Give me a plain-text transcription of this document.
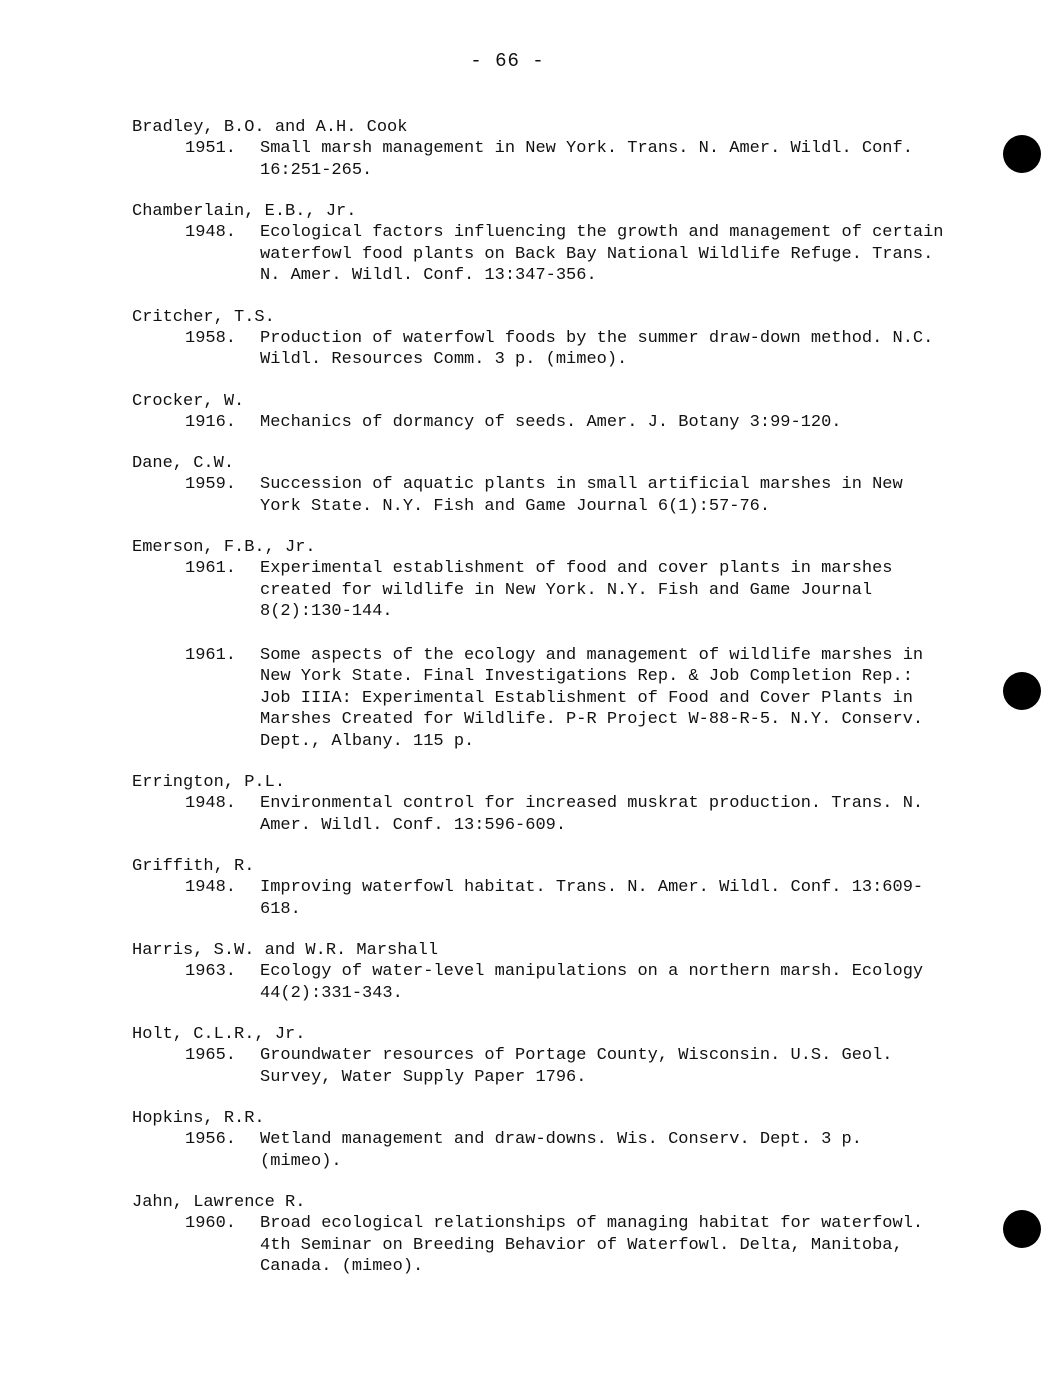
- 66 -
Bradley, B.O. and A.H. Cook
1951.	Small marsh management in New York. Trans. N. Amer. Wildl. Conf. 16:251-265.
Chamberlain, E.B., Jr.
1948.	Ecological factors influencing the growth and management of certain waterfowl food plants on Back Bay National Wildlife Refuge. Trans. N. Amer. Wildl. Conf. 13:347-356.
Critcher, T.S.
1958.	Production of waterfowl foods by the summer draw-down method. N.C. Wildl. Resources Comm. 3 p. (mimeo).
Crocker, W.
1916.	Mechanics of dormancy of seeds. Amer. J. Botany 3:99-120.
Dane, C.W.
1959.	Succession of aquatic plants in small artificial marshes in New York State. N.Y. Fish and Game Journal 6(1):57-76.
Emerson, F.B., Jr.
1961.	Experimental establishment of food and cover plants in marshes created for wildlife in New York. N.Y. Fish and Game Journal 8(2):130-144.
1961.	Some aspects of the ecology and management of wildlife marshes in New York State. Final Investigations Rep. & Job Completion Rep.: Job IIIA: Experimental Establishment of Food and Cover Plants in Marshes Created for Wildlife. P-R Project W-88-R-5. N.Y. Conserv. Dept., Albany. 115 p.
Errington, P.L.
1948.	Environmental control for increased muskrat production. Trans. N. Amer. Wildl. Conf. 13:596-609.
Griffith, R.
1948.	Improving waterfowl habitat. Trans. N. Amer. Wildl. Conf. 13:609-618.
Harris, S.W. and W.R. Marshall
1963.	Ecology of water-level manipulations on a northern marsh. Ecology 44(2):331-343.
Holt, C.L.R., Jr.
1965.	Groundwater resources of Portage County, Wisconsin. U.S. Geol. Survey, Water Supply Paper 1796.
Hopkins, R.R.
1956.	Wetland management and draw-downs. Wis. Conserv. Dept. 3 p. (mimeo).
Jahn, Lawrence R.
1960.	Broad ecological relationships of managing habitat for waterfowl. 4th Seminar on Breeding Behavior of Waterfowl. Delta, Manitoba, Canada. (mimeo).
